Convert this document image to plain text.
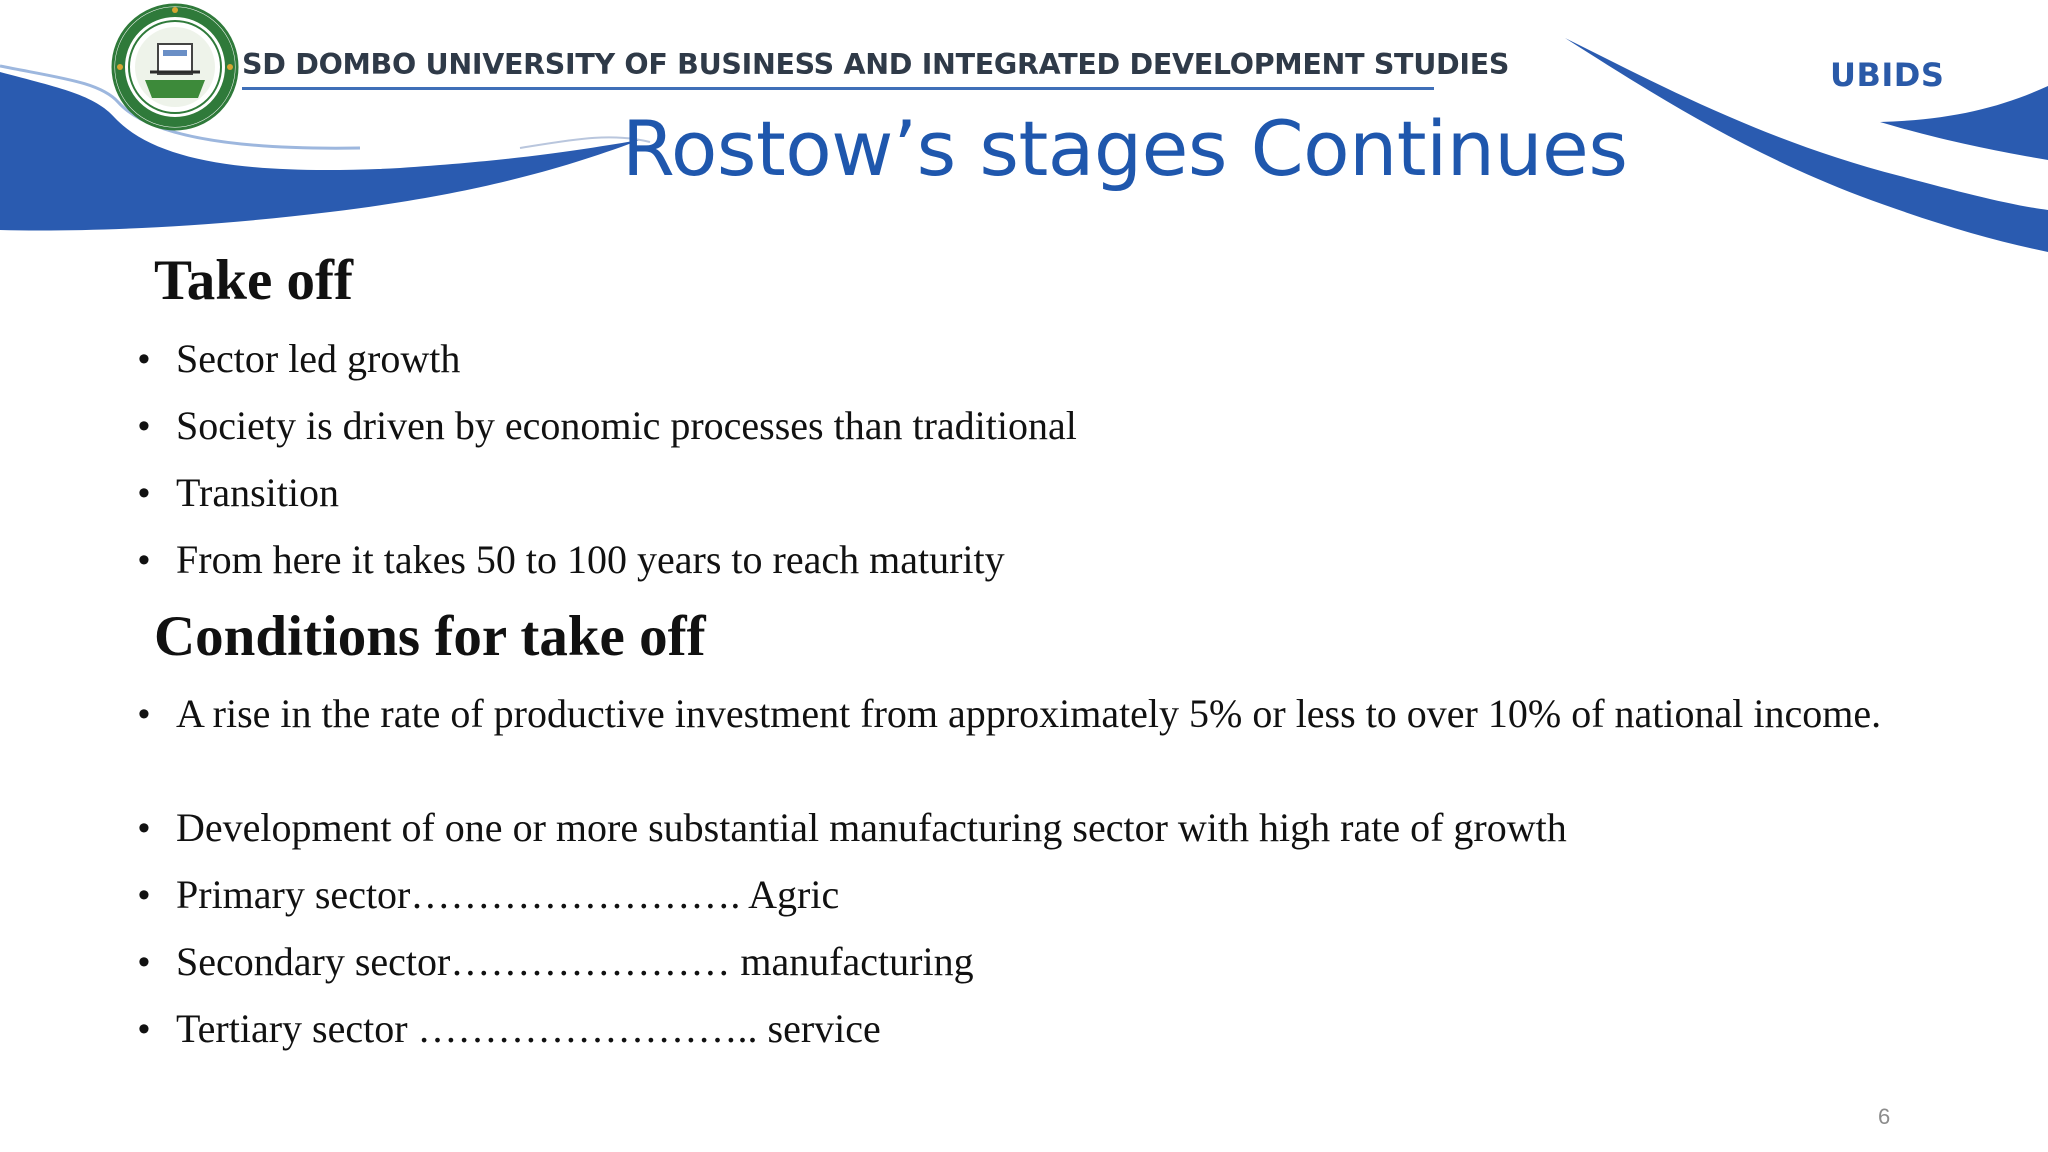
SD DOMBO UNIVERSITY OF BUSINESS AND INTEGRATED DEVELOPMENT STUDIES	UBIDS
Rostow’s stages Continues
Take off
• Sector led growth
• Society is driven by economic processes than traditional
• Transition
• From here it takes 50 to 100 years to reach maturity
Conditions for take off
• A rise in the rate of productive investment from approximately 5% or less to over 10% of national income.
• Development of one or more substantial manufacturing sector with high rate of growth
• Primary sector……………………. Agric
• Secondary sector………………… manufacturing
• Tertiary sector …………………….. service
6
